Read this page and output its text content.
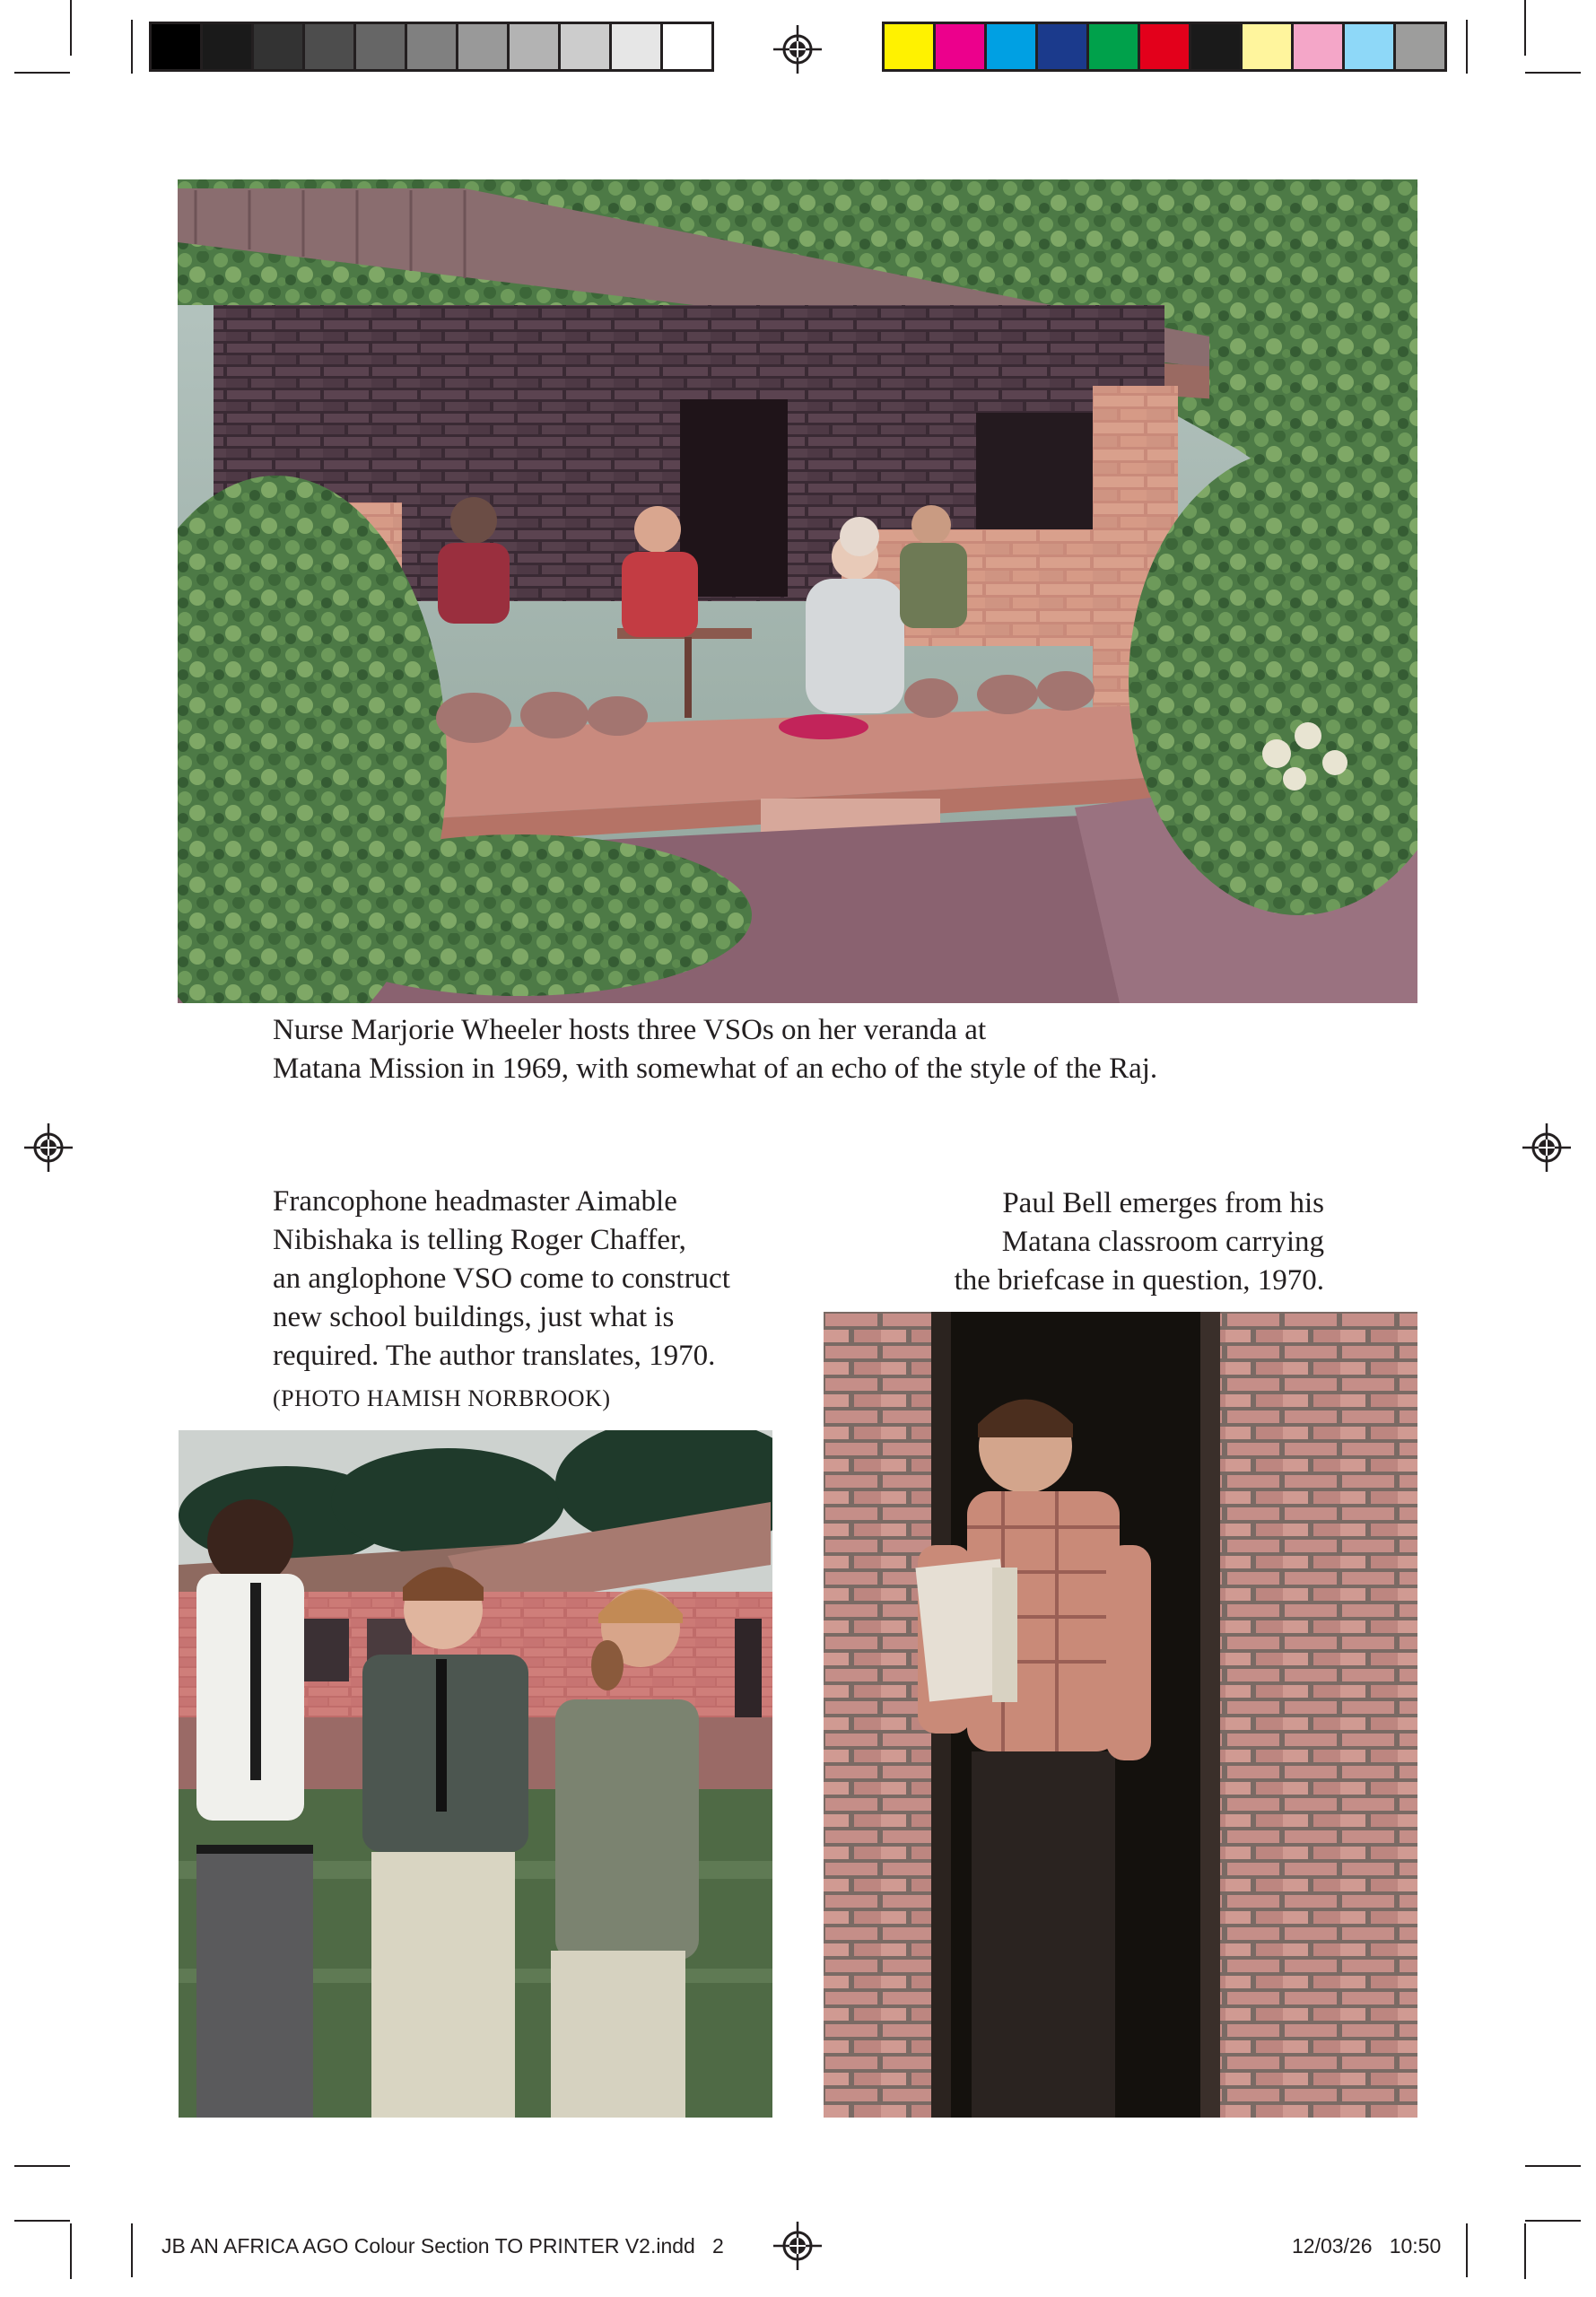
Nurse Marjorie Wheeler hosts three VSOs on her veranda at
Matana Mission in 1969, with somewhat of an echo of the style of the Raj.
Francophone headmaster Aimable
Nibishaka is telling Roger Chaffer,
an anglophone VSO come to construct
new school buildings, just what is
required. The author translates, 1970.
(PHOTO HAMISH NORBROOK)
Paul Bell emerges from his
Matana classroom carrying
the briefcase in question, 1970.
JB AN AFRICA AGO Colour Section TO PRINTER V2.indd   2	12/03/26   10:50
